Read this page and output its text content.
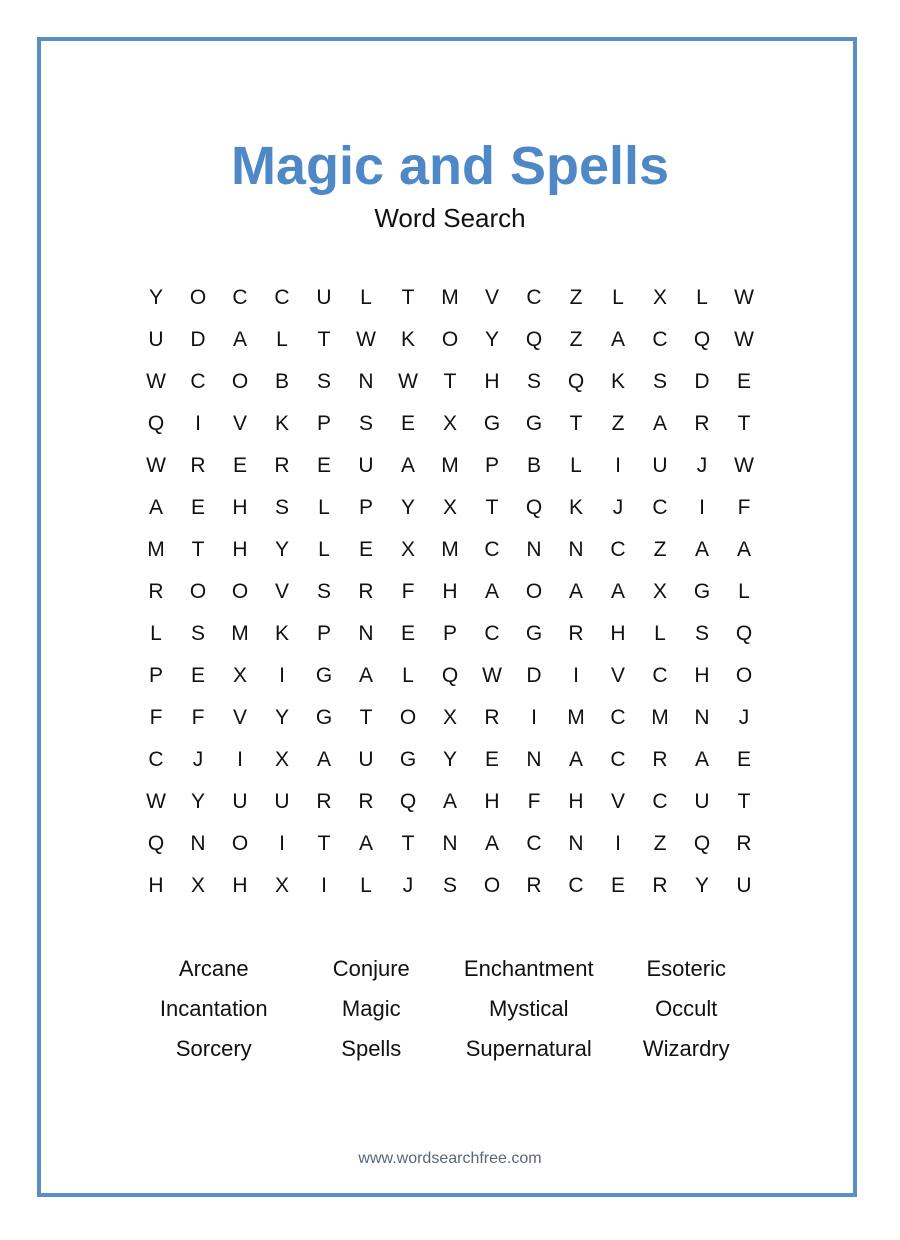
Magic and Spells
Word Search
Y	O	C	C	U	L	T	M	V	C	Z	L	X	L	W
U	D	A	L	T	W	K	O	Y	Q	Z	A	C	Q	W
W	C	O	B	S	N	W	T	H	S	Q	K	S	D	E
Q	I	V	K	P	S	E	X	G	G	T	Z	A	R	T
W	R	E	R	E	U	A	M	P	B	L	I	U	J	W
A	E	H	S	L	P	Y	X	T	Q	K	J	C	I	F
M	T	H	Y	L	E	X	M	C	N	N	C	Z	A	A
R	O	O	V	S	R	F	H	A	O	A	A	X	G	L
L	S	M	K	P	N	E	P	C	G	R	H	L	S	Q
P	E	X	I	G	A	L	Q	W	D	I	V	C	H	O
F	F	V	Y	G	T	O	X	R	I	M	C	M	N	J
C	J	I	X	A	U	G	Y	E	N	A	C	R	A	E
W	Y	U	U	R	R	Q	A	H	F	H	V	C	U	T
Q	N	O	I	T	A	T	N	A	C	N	I	Z	Q	R
H	X	H	X	I	L	J	S	O	R	C	E	R	Y	U
Arcane	Conjure	Enchantment	Esoteric
Incantation	Magic	Mystical	Occult
Sorcery	Spells	Supernatural	Wizardry
www.wordsearchfree.com
